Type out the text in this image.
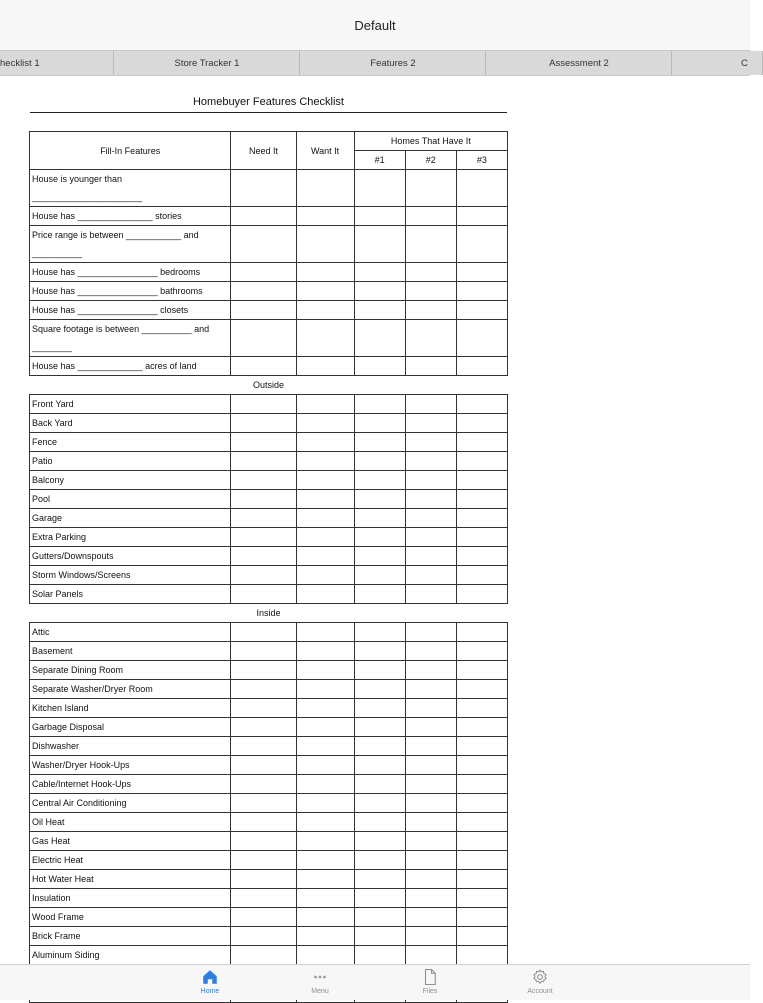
Default
hecklist 1	Store Tracker 1	Features 2	Assessment 2	C
Homebuyer Features Checklist
Fill-In Features	Need It	Want It	Homes That Have It		
			#1	#2	#3

House is younger than
______________________					

House has _______________ stories					

Price range is between ___________ and
__________					

House has ________________ bedrooms					

House has ________________ bathrooms					

House has ________________ closets					

Square footage is between __________ and
________					

House has _____________ acres of land					

Outside					
Front Yard					
Back Yard					
Fence					
Patio					
Balcony					
Pool					
Garage					
Extra Parking					
Gutters/Downspouts					
Storm Windows/Screens					
Solar Panels					
Inside					
Attic					
Basement					
Separate Dining Room					
Separate Washer/Dryer Room					
Kitchen Island					
Garbage Disposal					
Dishwasher					
Washer/Dryer Hook-Ups					
Cable/Internet Hook-Ups					
Central Air Conditioning					
Oil Heat					
Gas Heat					
Electric Heat					
Hot Water Heat					
Insulation					
Wood Frame					
Brick Frame					
Aluminum Siding					

Home	Menu	Files	Account
